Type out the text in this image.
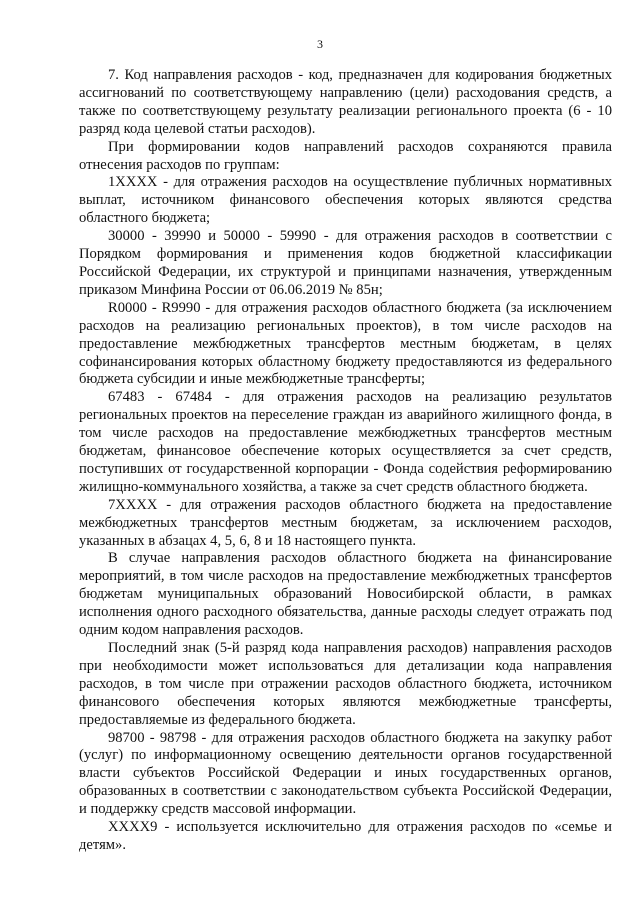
3

7. Код направления расходов - код, предназначен для кодирования бюджетных ассигнований по соответствующему направлению (цели) расходования средств, а также по соответствующему результату реализации регионального проекта (6 - 10 разряд кода целевой статьи расходов).

При формировании кодов направлений расходов сохраняются правила отнесения расходов по группам:

1XXXX - для отражения расходов на осуществление публичных нормативных выплат, источником финансового обеспечения которых являются средства областного бюджета;

30000 - 39990 и 50000 - 59990 - для отражения расходов в соответствии с Порядком формирования и применения кодов бюджетной классификации Российской Федерации, их структурой и принципами назначения, утвержденным приказом Минфина России от 06.06.2019 № 85н;

R0000 - R9990 - для отражения расходов областного бюджета (за исключением расходов на реализацию региональных проектов), в том числе расходов на предоставление межбюджетных трансфертов местным бюджетам, в целях софинансирования которых областному бюджету предоставляются из федерального бюджета субсидии и иные межбюджетные трансферты;

67483 - 67484 - для отражения расходов на реализацию результатов региональных проектов на переселение граждан из аварийного жилищного фонда, в том числе расходов на предоставление межбюджетных трансфертов местным бюджетам, финансовое обеспечение которых осуществляется за счет средств, поступивших от государственной корпорации - Фонда содействия реформированию жилищно-коммунального хозяйства, а также за счет средств областного бюджета.

7XXXX - для отражения расходов областного бюджета на предоставление межбюджетных трансфертов местным бюджетам, за исключением расходов, указанных в абзацах 4, 5, 6, 8 и 18 настоящего пункта.

В случае направления расходов областного бюджета на финансирование мероприятий, в том числе расходов на предоставление межбюджетных трансфертов бюджетам муниципальных образований Новосибирской области, в рамках исполнения одного расходного обязательства, данные расходы следует отражать под одним кодом направления расходов.

Последний знак (5-й разряд кода направления расходов) направления расходов при необходимости может использоваться для детализации кода направления расходов, в том числе при отражении расходов областного бюджета, источником финансового обеспечения которых являются межбюджетные трансферты, предоставляемые из федерального бюджета.

98700 - 98798 - для отражения расходов областного бюджета на закупку работ (услуг) по информационному освещению деятельности органов государственной власти субъектов Российской Федерации и иных государственных органов, образованных в соответствии с законодательством субъекта Российской Федерации, и поддержку средств массовой информации.

XXXX9 - используется исключительно для отражения расходов по «семье и детям».
